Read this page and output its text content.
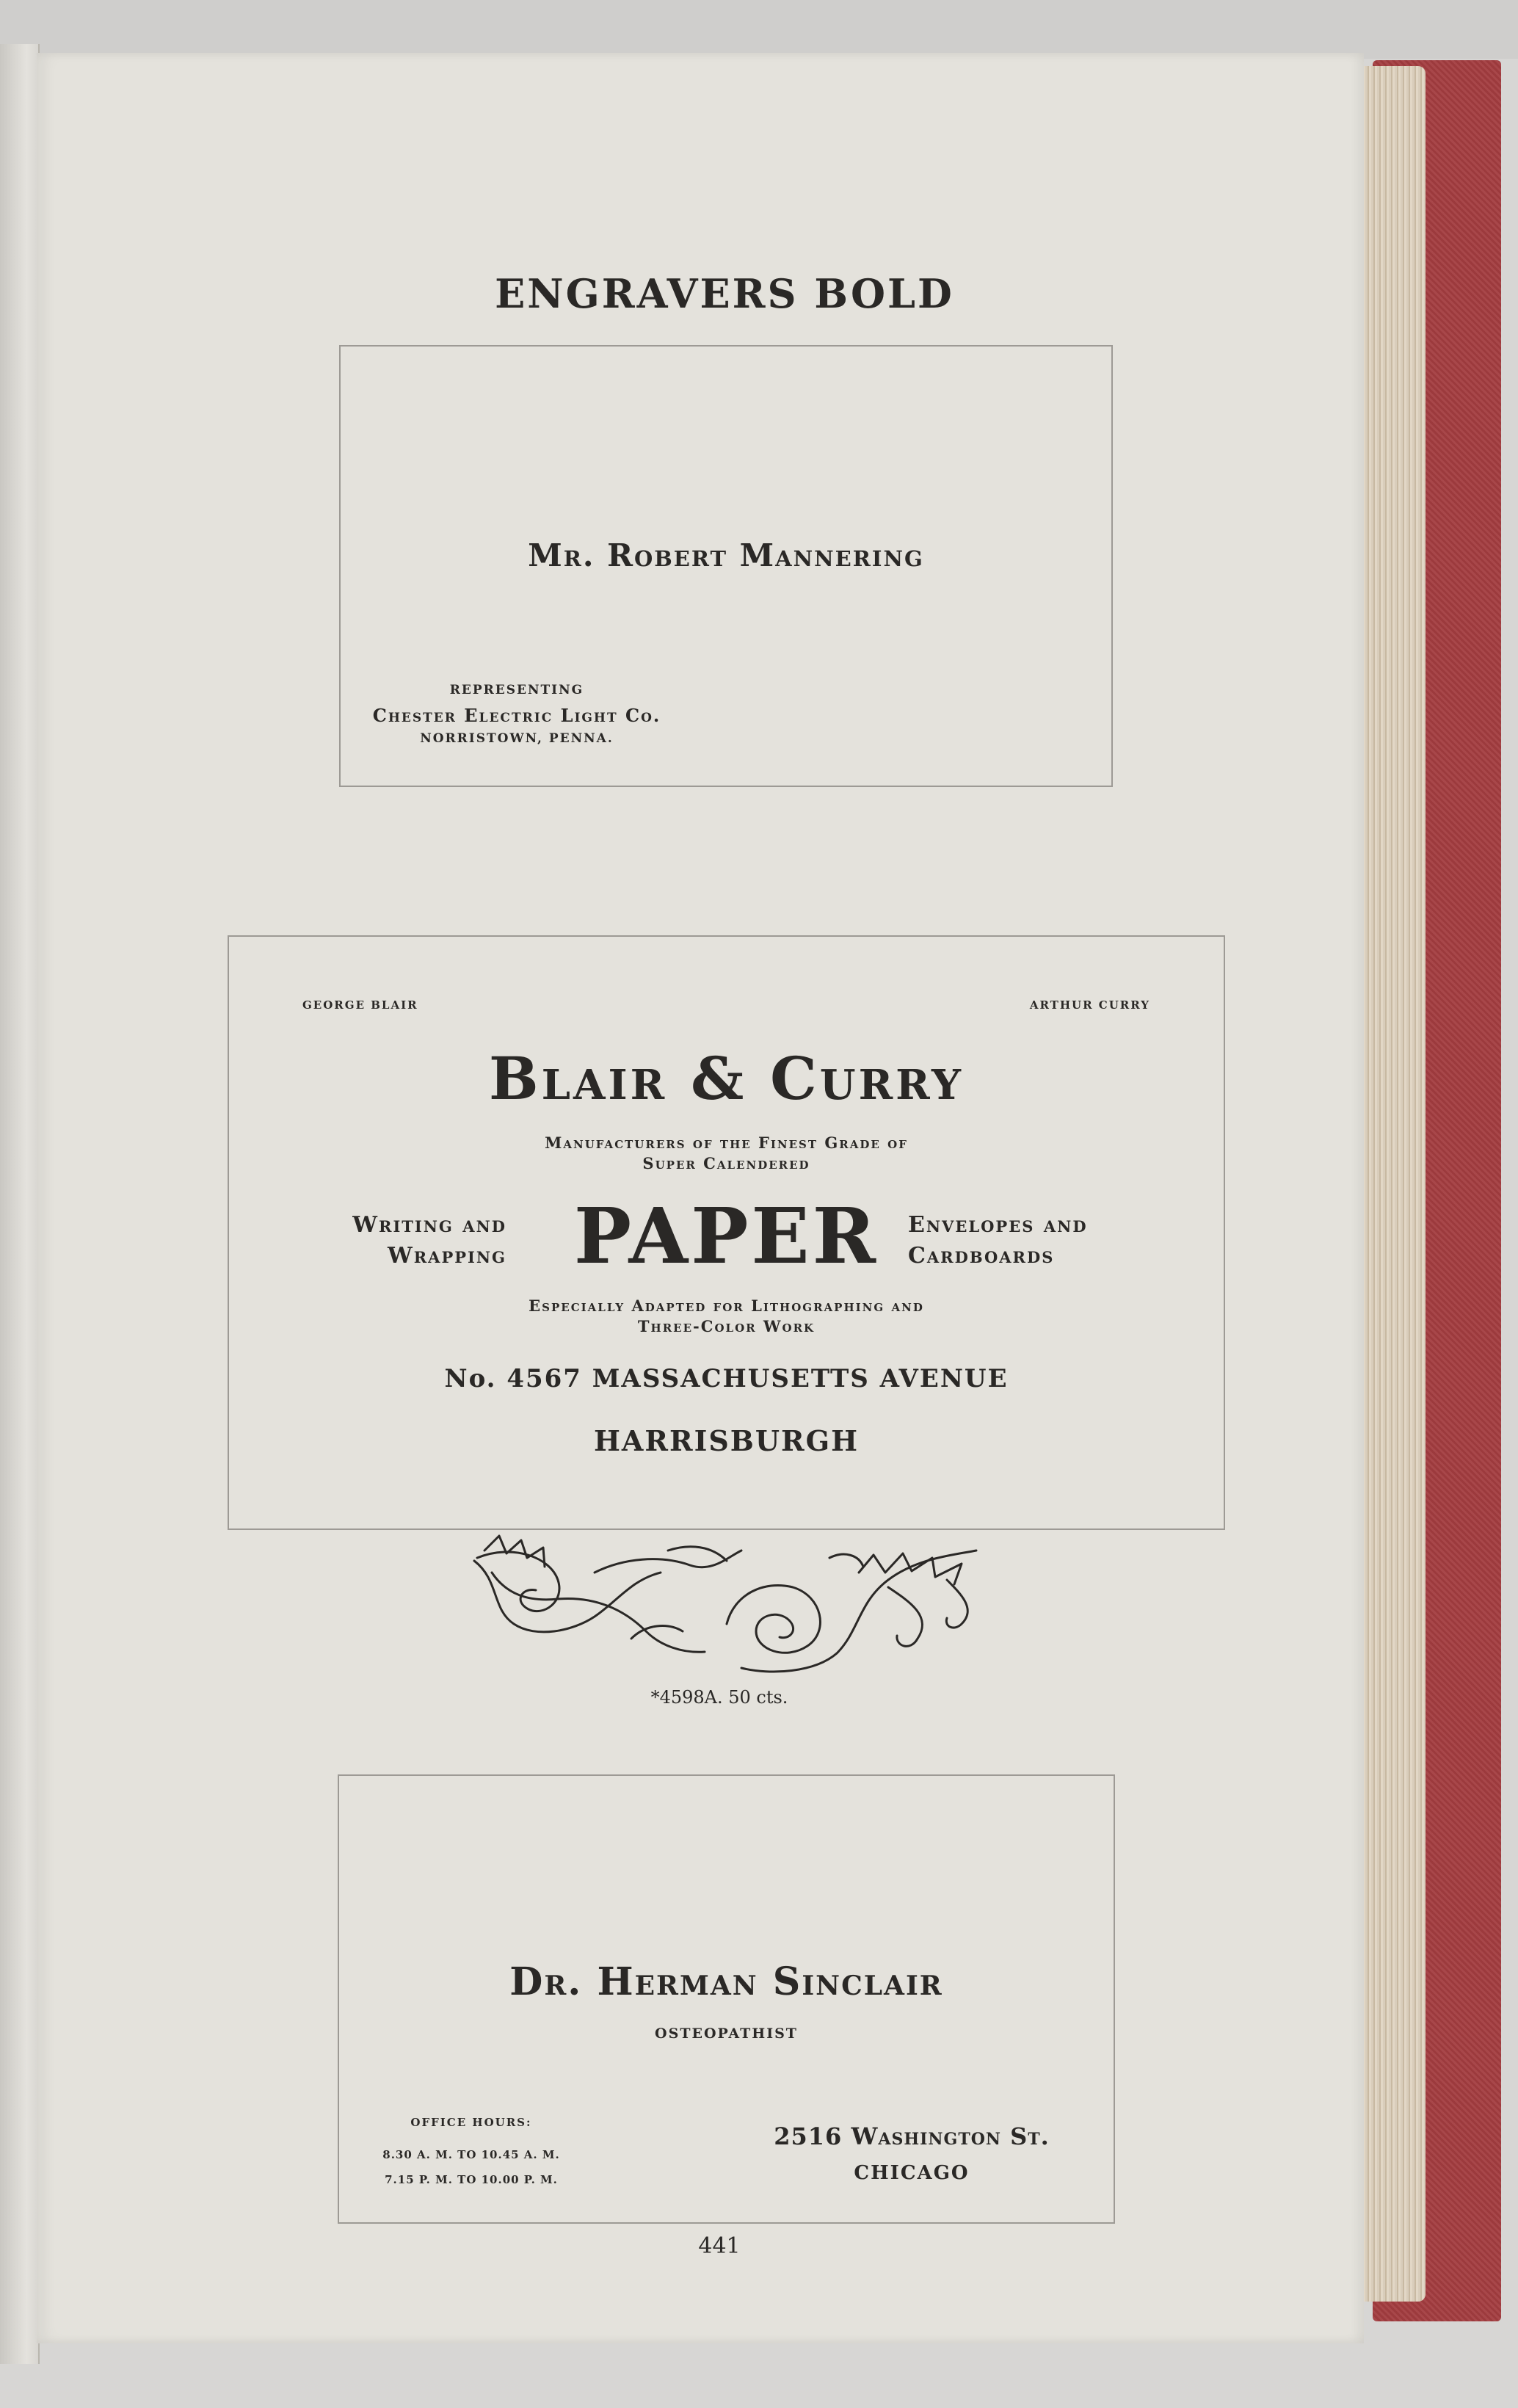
ENGRAVERS BOLD
Mr. Robert Mannering
REPRESENTING
Chester Electric Light Co.
NORRISTOWN, PENNA.
GEORGE BLAIR	ARTHUR CURRY
Blair & Curry
Manufacturers of the Finest Grade of
Super Calendered
Writing and
Wrapping PAPER	Envelopes and
Cardboards
Especially Adapted for Lithographing and
Three-Color Work
No. 4567 MASSACHUSETTS AVENUE
HARRISBURGH
*4598A. 50 cts.
Dr. Herman Sinclair
OSTEOPATHIST
OFFICE HOURS:
8.30 A. M. TO 10.45 A. M.
7.15 P. M. TO 10.00 P. M.
2516 Washington St.
CHICAGO
441
